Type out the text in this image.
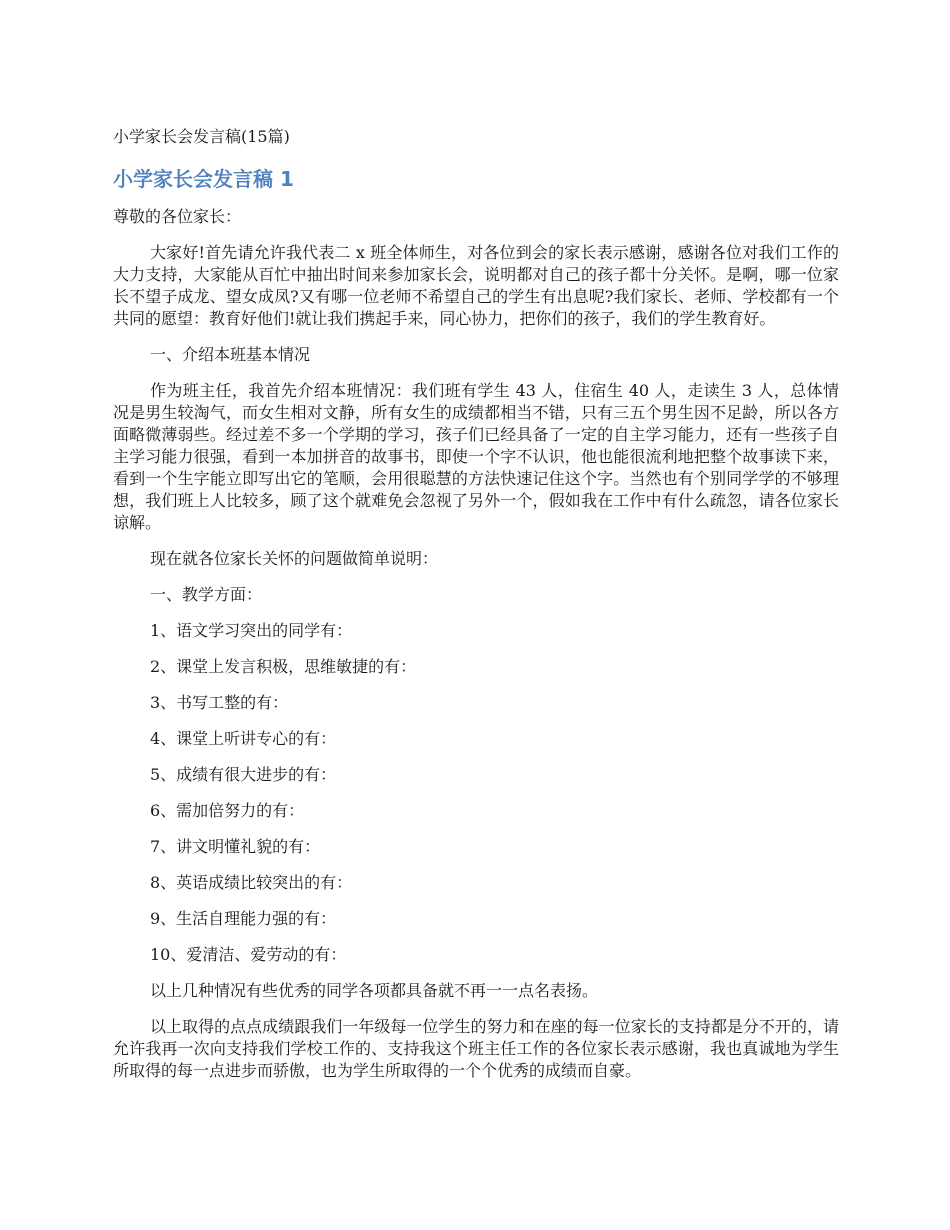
小学家长会发言稿(15篇)
小学家长会发言稿 1

尊敬的各位家长：

大家好!首先请允许我代表二 x 班全体师生，对各位到会的家长表示感谢，感谢各位对我们工作的大力支持，大家能从百忙中抽出时间来参加家长会，说明都对自己的孩子都十分关怀。是啊，哪一位家长不望子成龙、望女成凤?又有哪一位老师不希望自己的学生有出息呢?我们家长、老师、学校都有一个共同的愿望：教育好他们!就让我们携起手来，同心协力，把你们的孩子，我们的学生教育好。

一、介绍本班基本情况

作为班主任，我首先介绍本班情况：我们班有学生 43 人，住宿生 40 人，走读生 3 人，总体情况是男生较淘气，而女生相对文静，所有女生的成绩都相当不错，只有三五个男生因不足龄，所以各方面略微薄弱些。经过差不多一个学期的学习，孩子们已经具备了一定的自主学习能力，还有一些孩子自主学习能力很强，看到一本加拼音的故事书，即使一个字不认识，他也能很流利地把整个故事读下来，看到一个生字能立即写出它的笔顺，会用很聪慧的方法快速记住这个字。当然也有个别同学学的不够理想，我们班上人比较多，顾了这个就难免会忽视了另外一个，假如我在工作中有什么疏忽，请各位家长谅解。

现在就各位家长关怀的问题做简单说明：

一、教学方面：

1、语文学习突出的同学有：

2、课堂上发言积极，思维敏捷的有：

3、书写工整的有：

4、课堂上听讲专心的有：

5、成绩有很大进步的有：

6、需加倍努力的有：

7、讲文明懂礼貌的有：

8、英语成绩比较突出的有：

9、生活自理能力强的有：

10、爱清洁、爱劳动的有：

以上几种情况有些优秀的同学各项都具备就不再一一点名表扬。

以上取得的点点成绩跟我们一年级每一位学生的努力和在座的每一位家长的支持都是分不开的，请允许我再一次向支持我们学校工作的、支持我这个班主任工作的各位家长表示感谢，我也真诚地为学生所取得的每一点进步而骄傲，也为学生所取得的一个个优秀的成绩而自豪。
